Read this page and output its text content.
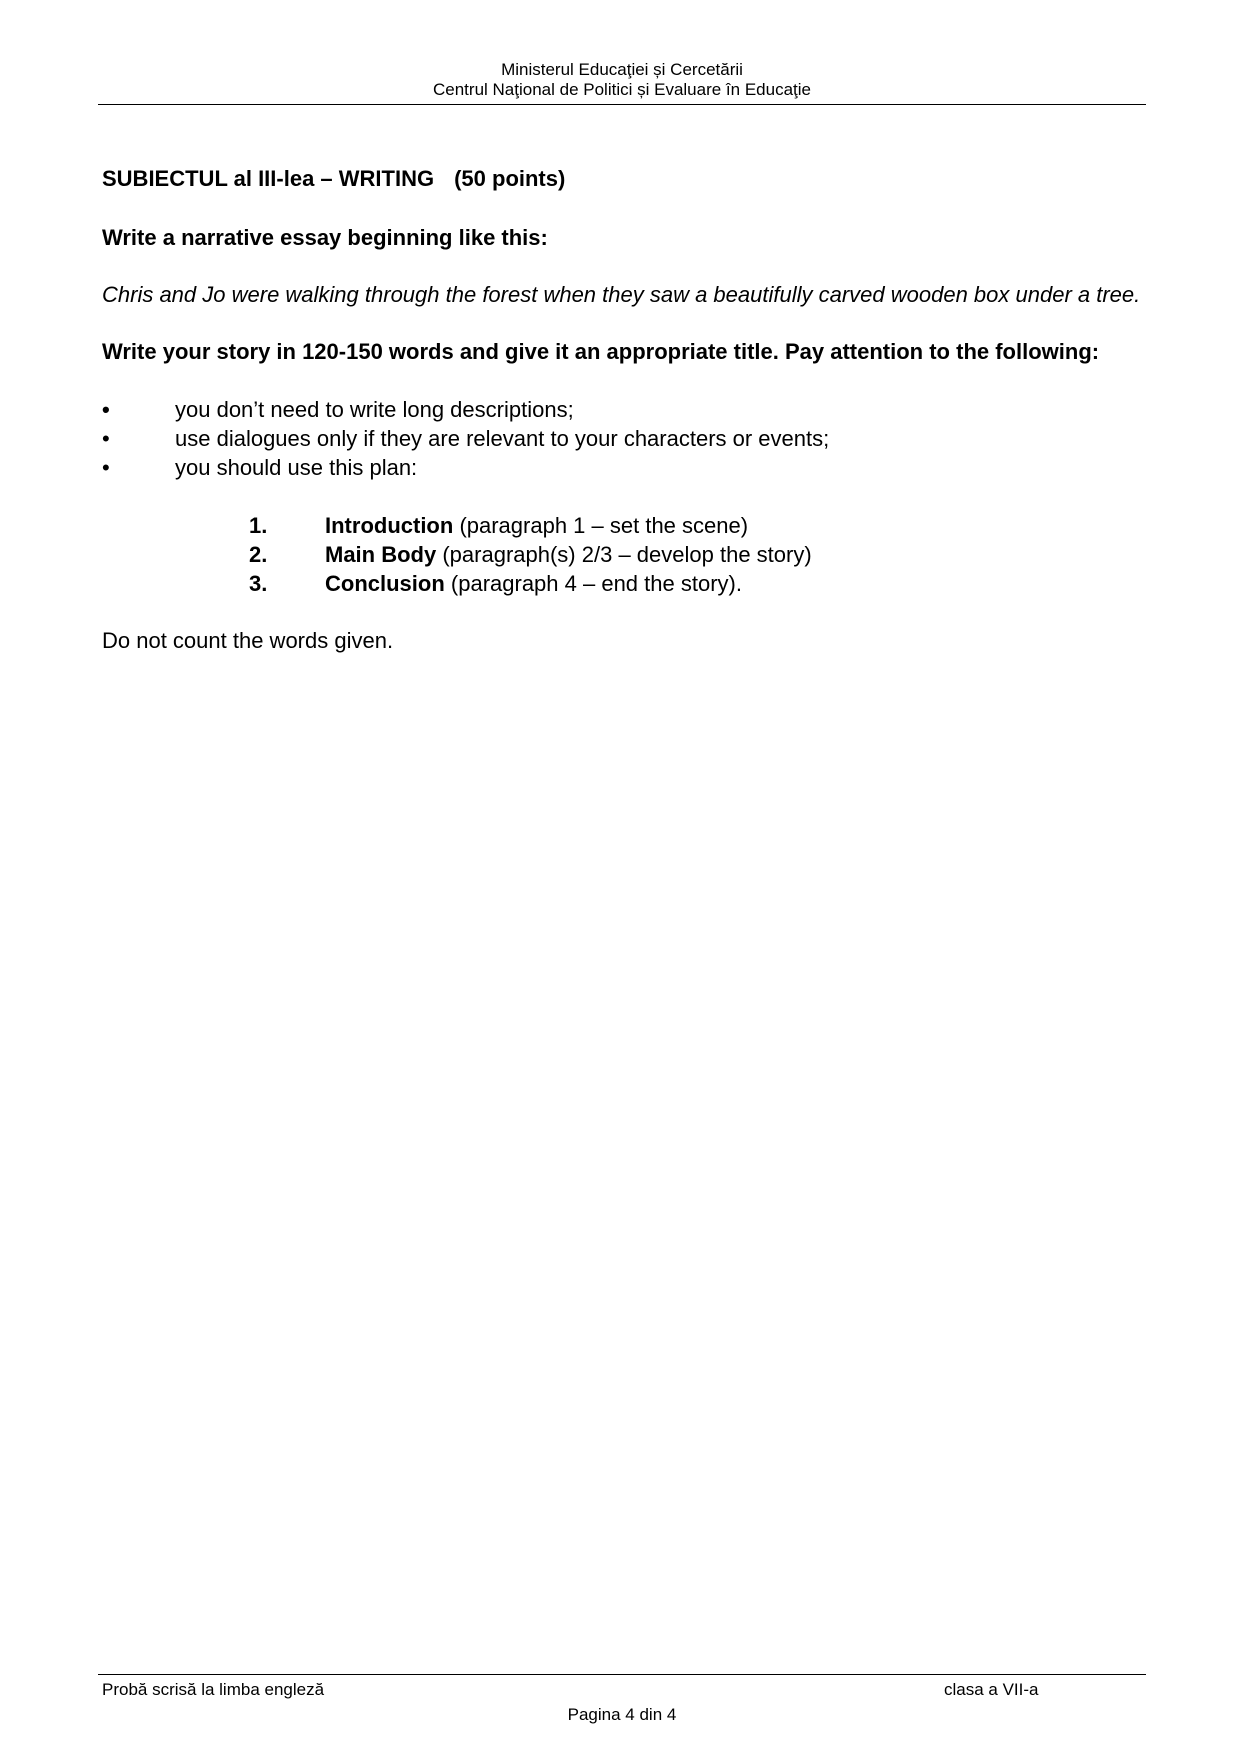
Ministerul Educaţiei și Cercetării
Centrul Naţional de Politici și Evaluare în Educaţie

SUBIECTUL al III-lea – WRITING (50 points)

Write a narrative essay beginning like this:

Chris and Jo were walking through the forest when they saw a beautifully carved wooden box under a tree.

Write your story in 120-150 words and give it an appropriate title. Pay attention to the following:

•	you don’t need to write long descriptions;
•	use dialogues only if they are relevant to your characters or events;
•	you should use this plan:
1.	Introduction (paragraph 1 – set the scene)
2.	Main Body (paragraph(s) 2/3 – develop the story)
3.	Conclusion (paragraph 4 – end the story).

Do not count the words given.

Probă scrisă la limba engleză	clasa a VII-a
Pagina 4 din 4
